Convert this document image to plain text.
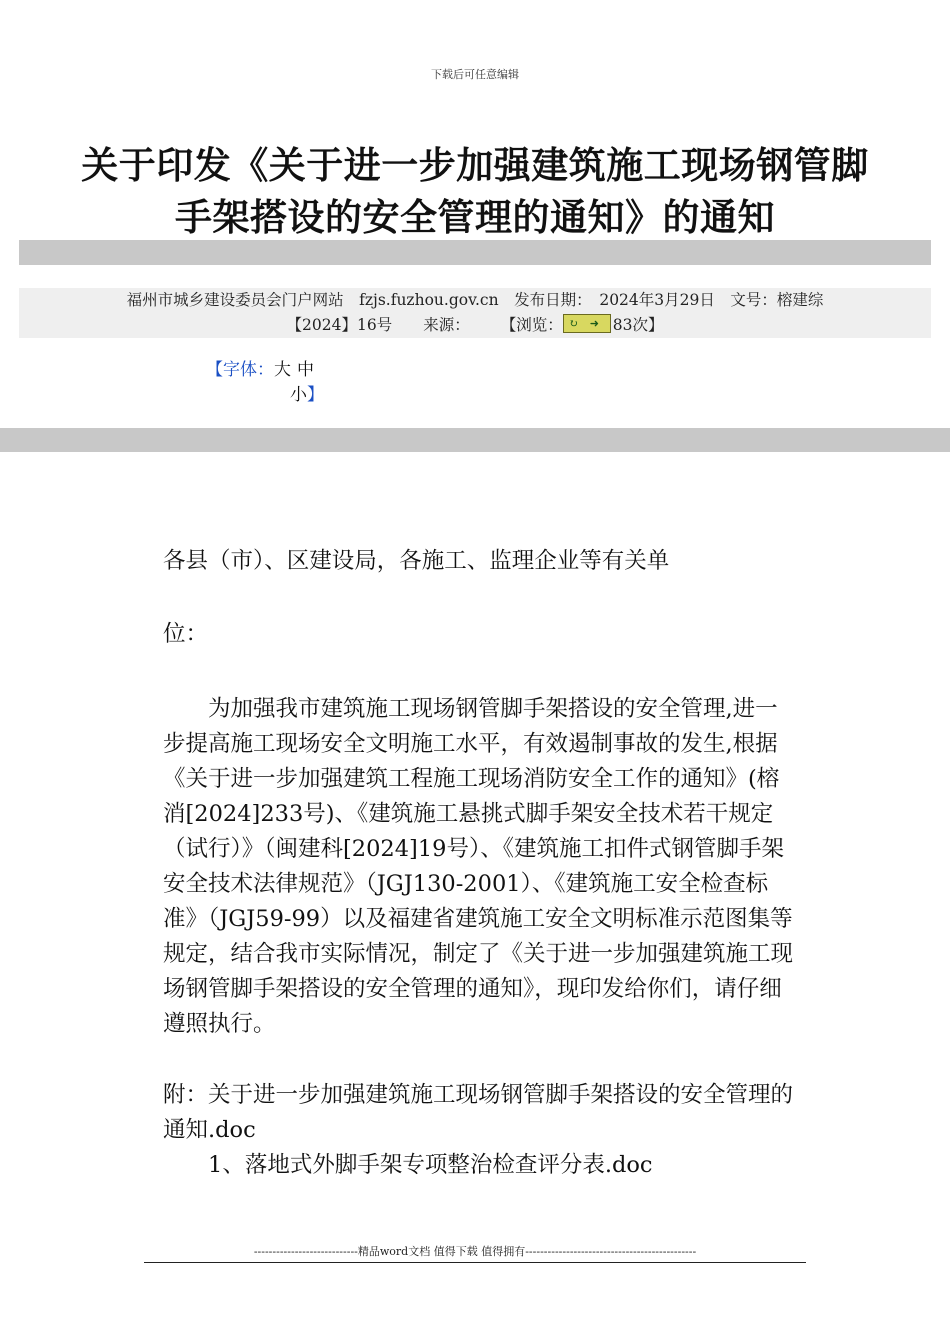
下载后可任意编辑
关于印发《关于进一步加强建筑施工现场钢管脚
手架搭设的安全管理的通知》的通知
福州市城乡建设委员会门户网站　fzjs.fuzhou.gov.cn　发布日期：　2024年3月29日　文号：榕建综
【2024】16号　　来源：　　　【浏览： ↻ ➜ 83次】
【字体：大 中
小】

各县（市）、区建设局，各施工、监理企业等有关单

位：

为加强我市建筑施工现场钢管脚手架搭设的安全管理,进一步提高施工现场安全文明施工水平，有效遏制事故的发生,根据《关于进一步加强建筑工程施工现场消防安全工作的通知》(榕消[2024]233号)、《建筑施工悬挑式脚手架安全技术若干规定（试行）》（闽建科[2024]19号）、《建筑施工扣件式钢管脚手架安全技术法律规范》（JGJ130-2001）、《建筑施工安全检查标准》（JGJ59-99）以及福建省建筑施工安全文明标准示范图集等规定，结合我市实际情况，制定了《关于进一步加强建筑施工现场钢管脚手架搭设的安全管理的通知》，现印发给你们，请仔细遵照执行。

附：关于进一步加强建筑施工现场钢管脚手架搭设的安全管理的通知.doc

1、落地式外脚手架专项整治检查评分表.doc

----------------------------精品word文档 值得下载 值得拥有----------------------------------------------
